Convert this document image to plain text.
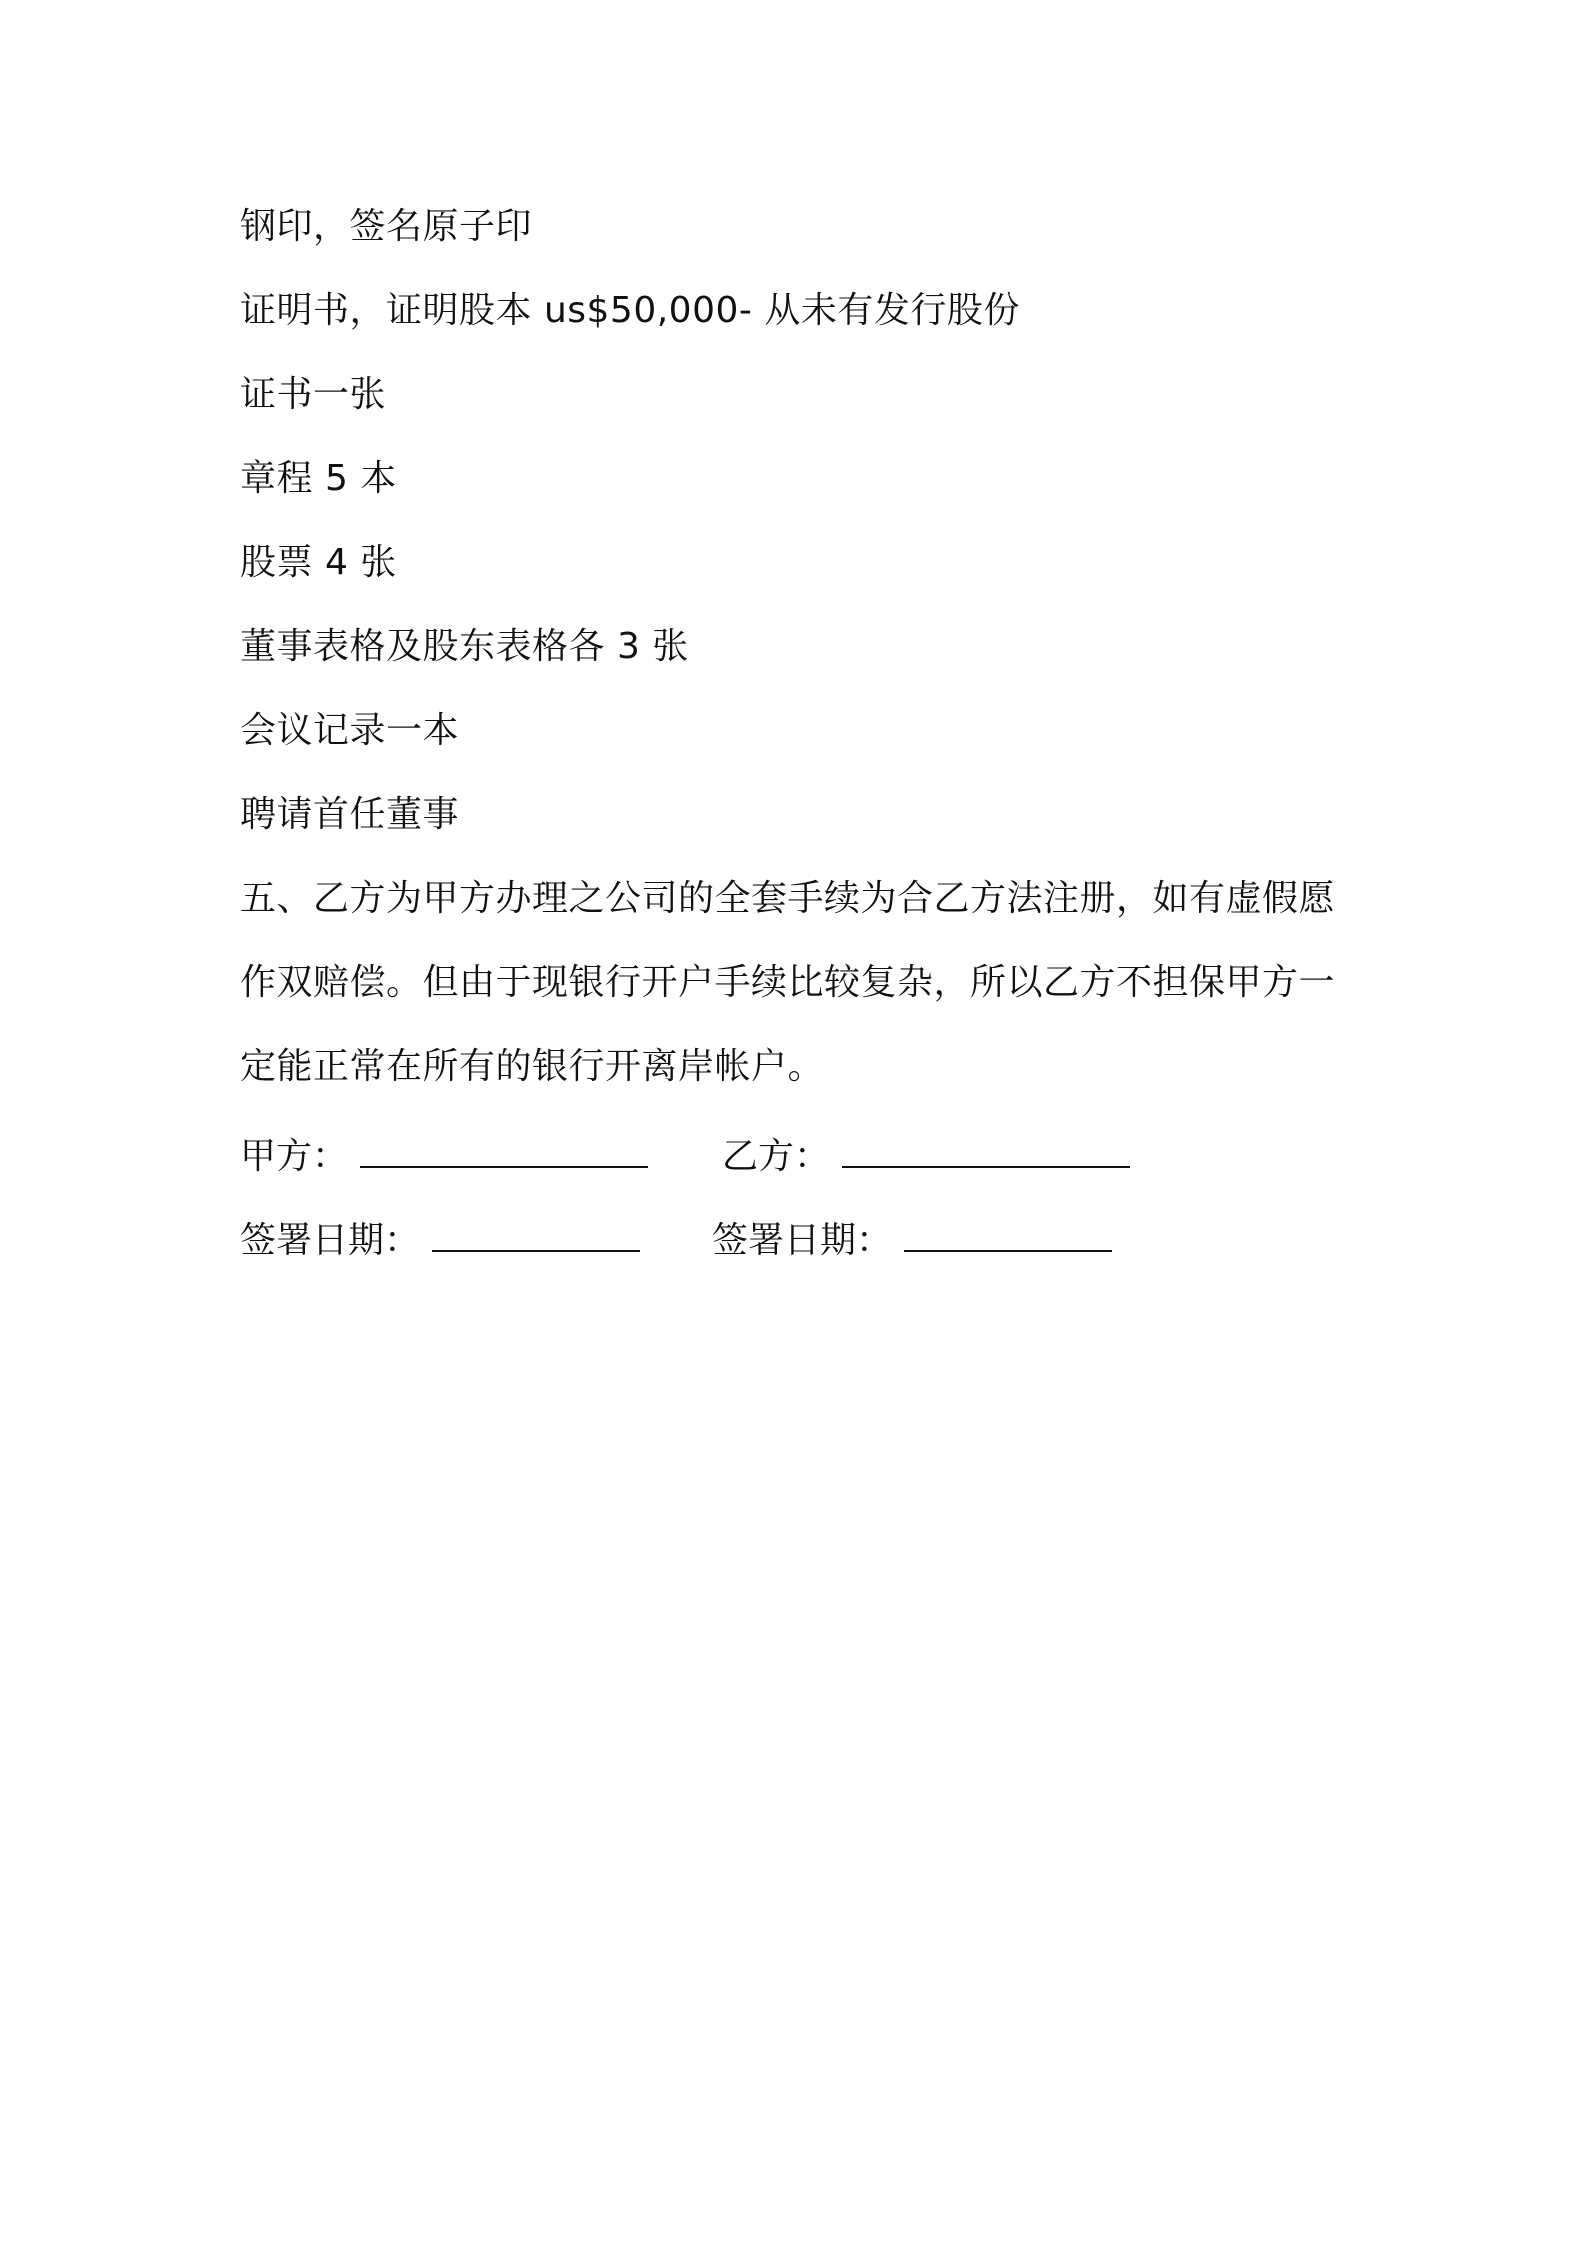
钢印，签名原子印
证明书，证明股本 us$50,000- 从未有发行股份
证书一张
章程 5 本
股票 4 张
董事表格及股东表格各 3 张
会议记录一本
聘请首任董事
五、乙方为甲方办理之公司的全套手续为合乙方法注册，如有虚假愿
作双赔偿。但由于现银行开户手续比较复杂，所以乙方不担保甲方一
定能正常在所有的银行开离岸帐户。
甲方：	乙方：
签署日期：	签署日期：
